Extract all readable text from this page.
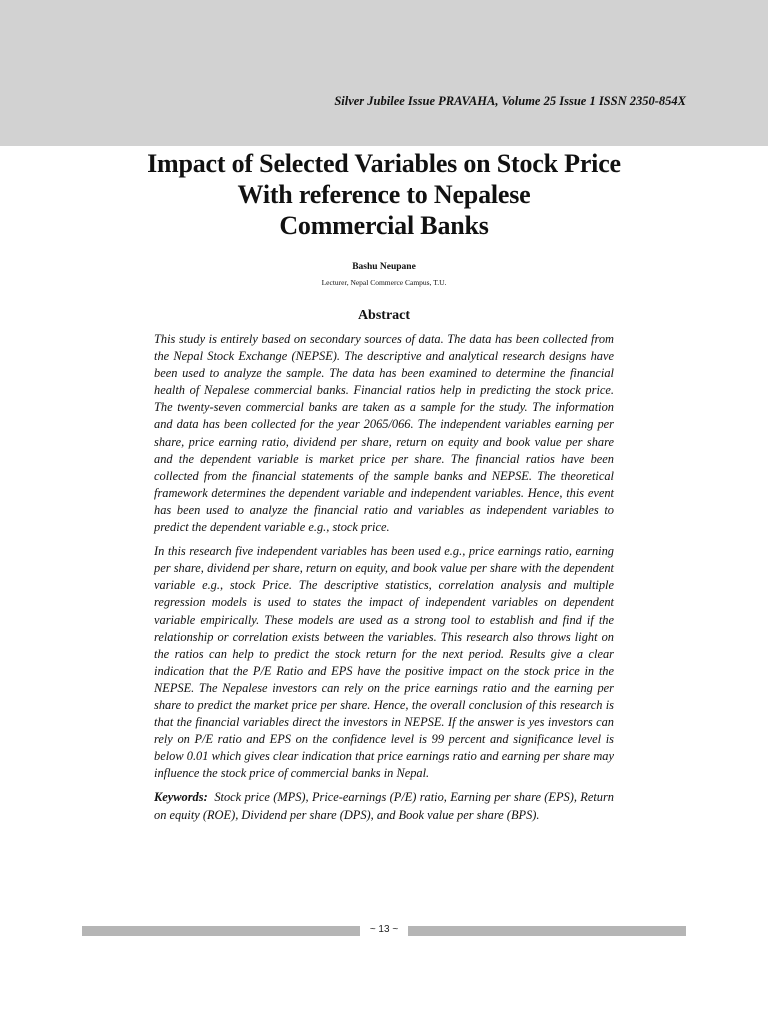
Silver Jubilee Issue PRAVAHA, Volume 25 Issue 1 ISSN 2350-854X
Impact of Selected Variables on Stock Price
With reference to Nepalese
Commercial Banks

Bashu Neupane

Lecturer, Nepal Commerce Campus, T.U.

Abstract

This study is entirely based on secondary sources of data. The data has been collected from the Nepal Stock Exchange (NEPSE). The descriptive and analytical research designs have been used to analyze the sample. The data has been examined to determine the financial health of Nepalese commercial banks. Financial ratios help in predicting the stock price. The twenty-seven commercial banks are taken as a sample for the study. The information and data has been collected for the year 2065/066. The independent variables earning per share, price earning ratio, dividend per share, return on equity and book value per share and the dependent variable is market price per share. The financial ratios have been collected from the financial statements of the sample banks and NEPSE. The theoretical framework determines the dependent variable and independent variables. Hence, this event has been used to analyze the financial ratio and variables as independent variables to predict the dependent variable e.g., stock price.

In this research five independent variables has been used e.g., price earnings ratio, earning per share, dividend per share, return on equity, and book value per share with the dependent variable e.g., stock Price. The descriptive statistics, correlation analysis and multiple regression models is used to states the impact of independent variables on dependent variable empirically. These models are used as a strong tool to establish and find if the relationship or correlation exists between the variables. This research also throws light on the ratios can help to predict the stock return for the next period. Results give a clear indication that the P/E Ratio and EPS have the positive impact on the stock price in the NEPSE. The Nepalese investors can rely on the price earnings ratio and the earning per share to predict the market price per share. Hence, the overall conclusion of this research is that the financial variables direct the investors in NEPSE. If the answer is yes investors can rely on P/E ratio and EPS on the confidence level is 99 percent and significance level is below 0.01 which gives clear indication that price earnings ratio and earning per share may influence the stock price of commercial banks in Nepal.

Keywords: Stock price (MPS), Price-earnings (P/E) ratio, Earning per share (EPS), Return on equity (ROE), Dividend per share (DPS), and Book value per share (BPS).

~ 13 ~
